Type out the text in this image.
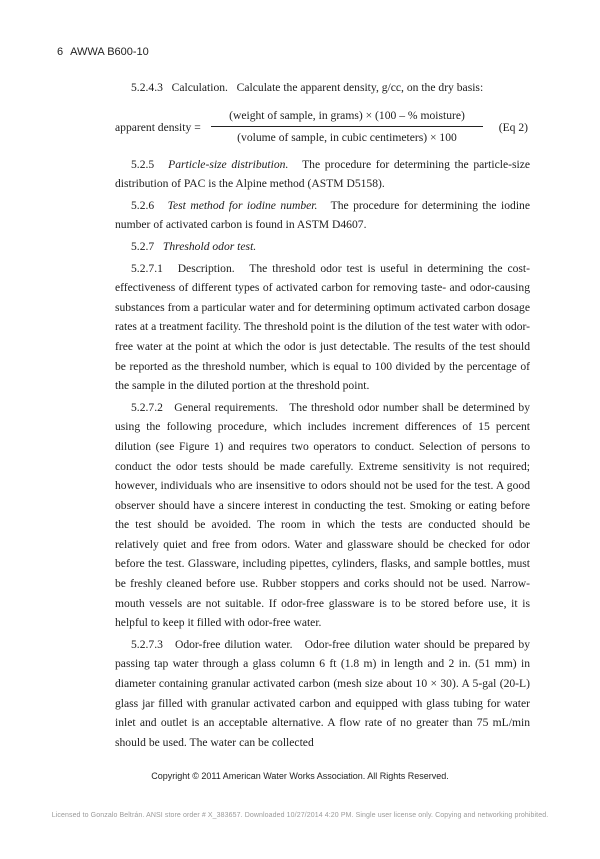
6 AWWA B600-10

5.2.4.3 Calculation. Calculate the apparent density, g/cc, on the dry basis:

apparent density =
(weight of sample, in grams) × (100 – % moisture)
(volume of sample, in cubic centimeters) × 100
(Eq 2)

5.2.5 Particle-size distribution. The procedure for determining the particle-size distribution of PAC is the Alpine method (ASTM D5158).

5.2.6 Test method for iodine number. The procedure for determining the iodine number of activated carbon is found in ASTM D4607.

5.2.7 Threshold odor test.

5.2.7.1 Description. The threshold odor test is useful in determining the cost-effectiveness of different types of activated carbon for removing taste- and odor-causing substances from a particular water and for determining optimum activated carbon dosage rates at a treatment facility. The threshold point is the dilution of the test water with odor-free water at the point at which the odor is just detectable. The results of the test should be reported as the threshold number, which is equal to 100 divided by the percentage of the sample in the diluted portion at the threshold point.

5.2.7.2 General requirements. The threshold odor number shall be determined by using the following procedure, which includes increment differences of 15 percent dilution (see Figure 1) and requires two operators to conduct. Selection of persons to conduct the odor tests should be made carefully. Extreme sensitivity is not required; however, individuals who are insensitive to odors should not be used for the test. A good observer should have a sincere interest in conducting the test. Smoking or eating before the test should be avoided. The room in which the tests are conducted should be relatively quiet and free from odors. Water and glassware should be checked for odor before the test. Glassware, including pipettes, cylinders, flasks, and sample bottles, must be freshly cleaned before use. Rubber stoppers and corks should not be used. Narrow-mouth vessels are not suitable. If odor-free glassware is to be stored before use, it is helpful to keep it filled with odor-free water.

5.2.7.3 Odor-free dilution water. Odor-free dilution water should be prepared by passing tap water through a glass column 6 ft (1.8 m) in length and 2 in. (51 mm) in diameter containing granular activated carbon (mesh size about 10 × 30). A 5-gal (20-L) glass jar filled with granular activated carbon and equipped with glass tubing for water inlet and outlet is an acceptable alternative. A flow rate of no greater than 75 mL/min should be used. The water can be collected

Copyright © 2011 American Water Works Association. All Rights Reserved.
Licensed to Gonzalo Beltrán. ANSI store order # X_383657. Downloaded 10/27/2014 4:20 PM. Single user license only. Copying and networking prohibited.
